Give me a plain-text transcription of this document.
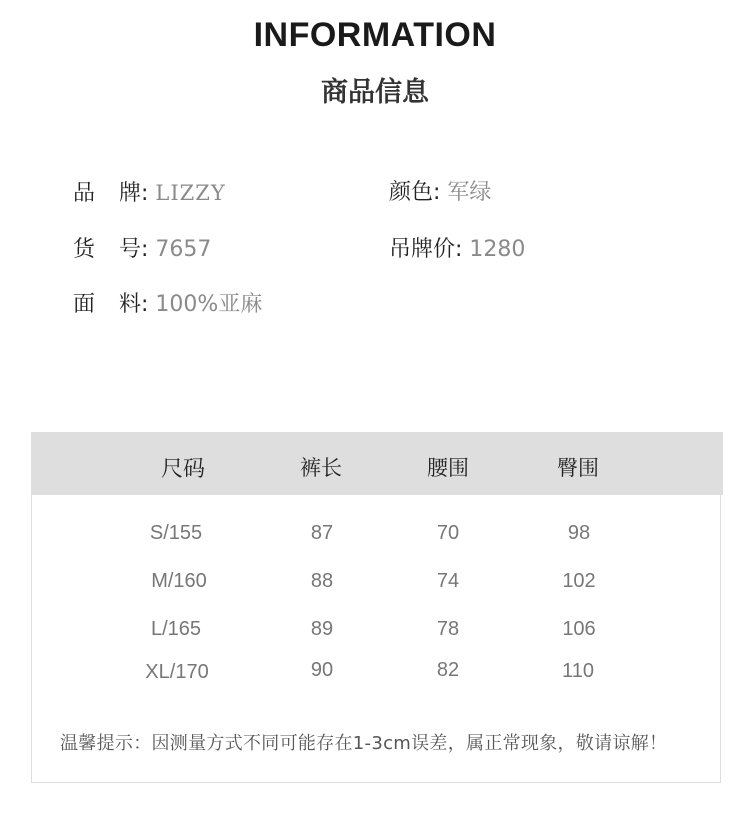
INFORMATION
商品信息
品 牌: LIZZY	颜色: 军绿
货 号: 7657	吊牌价: 1280
面 料: 100%亚麻
尺码	裤长	腰围	臀围
S/155	87	70	98
M/160	88	74	102
L/165	89	78	106
XL/170	90	82	110
温馨提示：因测量方式不同可能存在1-3cm误差，属正常现象，敬请谅解！
